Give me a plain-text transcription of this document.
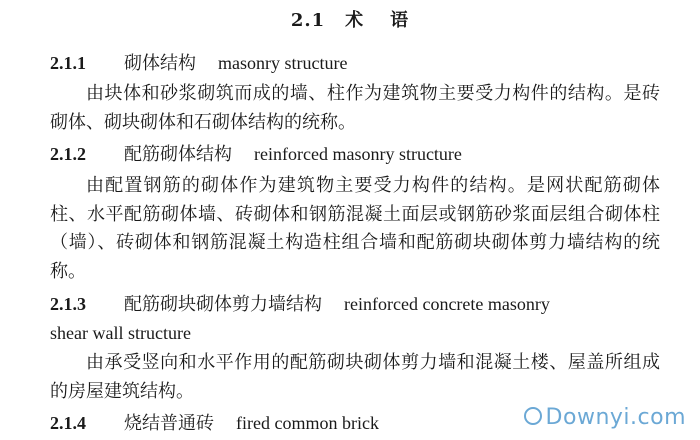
2.1 术 语
2.1.1 砌体结构 masonry structure
由块体和砂浆砌筑而成的墙、柱作为建筑物主要受力构件的结构。是砖砌体、砌块砌体和石砌体结构的统称。
2.1.2 配筋砌体结构 reinforced masonry structure
由配置钢筋的砌体作为建筑物主要受力构件的结构。是网状配筋砌体柱、水平配筋砌体墙、砖砌体和钢筋混凝土面层或钢筋砂浆面层组合砌体柱（墙）、砖砌体和钢筋混凝土构造柱组合墙和配筋砌块砌体剪力墙结构的统称。
2.1.3 配筋砌块砌体剪力墙结构 reinforced concrete masonry
shear wall structure
由承受竖向和水平作用的配筋砌块砌体剪力墙和混凝土楼、屋盖所组成的房屋建筑结构。
2.1.4 烧结普通砖 fired common brick	Downyi.com
